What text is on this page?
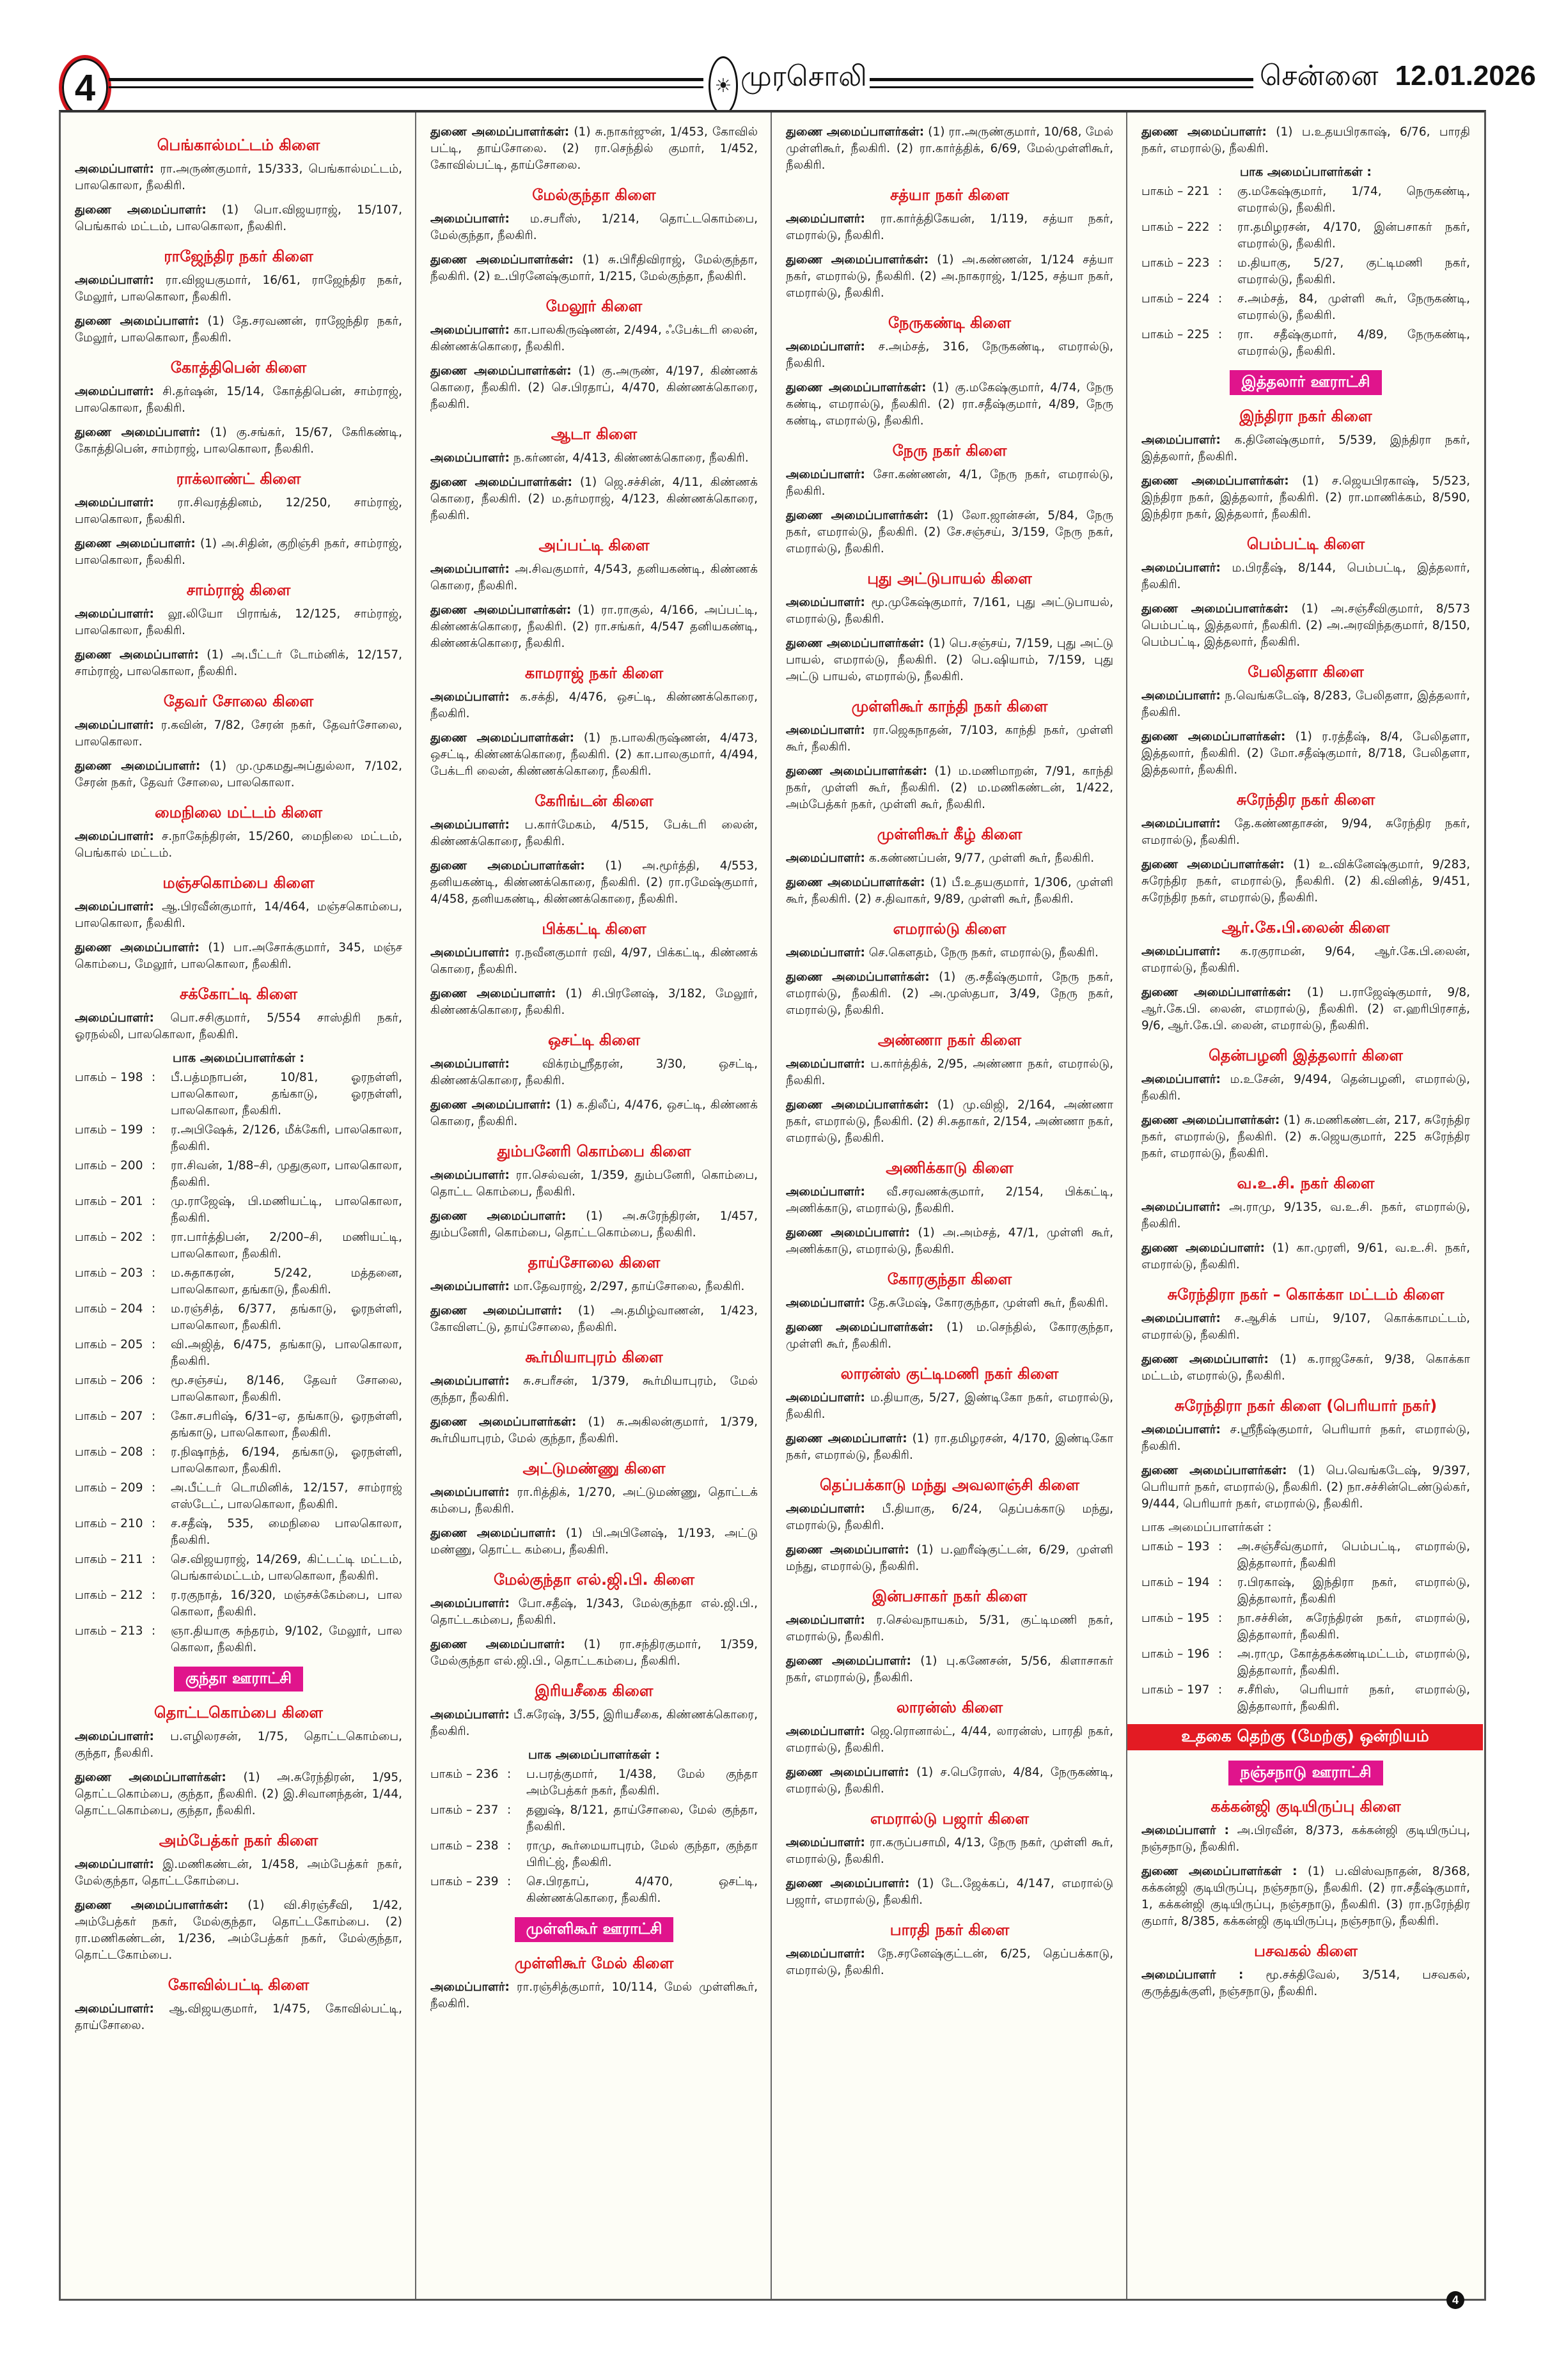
4	☀ முரசொலி	சென்னை 12.01.2026
பெங்கால்மட்டம் கிளை
அமைப்பாளர்: ரா.அருண்குமார், 15/333, பெங்கால்மட்டம், பாலகொலா, நீலகிரி.
துணை அமைப்பாளர்: (1) பொ.விஜயராஜ், 15/107, பெங்கால் மட்டம், பாலகொலா, நீலகிரி.
ராஜேந்திர நகர் கிளை
அமைப்பாளர்: ரா.விஜயகுமார், 16/61, ராஜேந்திர நகர், மேலூர், பாலகொலா, நீலகிரி.
துணை அமைப்பாளர்: (1) தே.சரவணன், ராஜேந்திர நகர், மேலூர், பாலகொலா, நீலகிரி.
கோத்திபென் கிளை
அமைப்பாளர்: சி.தர்ஷன், 15/14, கோத்திபென், சாம்ராஜ், பாலகொலா, நீலகிரி.
துணை அமைப்பாளர்: (1) கு.சங்கர், 15/67, கேரிகண்டி, கோத்திபென், சாம்ராஜ், பாலகொலா, நீலகிரி.
ராக்லாண்ட் கிளை
அமைப்பாளர்: ரா.சிவரத்தினம், 12/250, சாம்ராஜ், பாலகொலா, நீலகிரி.
துணை அமைப்பாளர்: (1) அ.சிதின், குறிஞ்சி நகர், சாம்ராஜ், பாலகொலா, நீலகிரி.
சாம்ராஜ் கிளை
அமைப்பாளர்: லூ.லியோ பிராங்க், 12/125, சாம்ராஜ், பாலகொலா, நீலகிரி.
துணை அமைப்பாளர்: (1) அ.பீட்டர் டோம்னிக், 12/157, சாம்ராஜ், பாலகொலா, நீலகிரி.
தேவர் சோலை கிளை
அமைப்பாளர்: ர.கவின், 7/82, சேரன் நகர், தேவர்சோலை, பாலகொலா.
துணை அமைப்பாளர்: (1) மு.முகமதுஅப்துல்லா, 7/102, சேரன் நகர், தேவர் சோலை, பாலகொலா.
மைநிலை மட்டம் கிளை
அமைப்பாளர்: ச.நாகேந்திரன், 15/260, மைநிலை மட்டம், பெங்கால் மட்டம்.
மஞ்சகொம்பை கிளை
அமைப்பாளர்: ஆ.பிரவீன்குமார், 14/464, மஞ்சகொம்பை, பாலகொலா, நீலகிரி.
துணை அமைப்பாளர்: (1) பா.அசோக்குமார், 345, மஞ்ச கொம்பை, மேலூர், பாலகொலா, நீலகிரி.
சக்கோட்டி கிளை
அமைப்பாளர்: பொ.சசிகுமார், 5/554 சாஸ்திரி நகர், ஓரநல்லி, பாலகொலா, நீலகிரி.
பாக அமைப்பாளர்கள் :
பாகம் – 198 :	பீ.பத்மநாபன், 10/81, ஓரநள்ளி, பாலகொலா, தங்காடு, ஓரநள்ளி, பாலகொலா, நீலகிரி.
பாகம் – 199 :	ர.அபிஷேக், 2/126, மீக்கேரி, பாலகொலா, நீலகிரி.
பாகம் – 200 :	ரா.சிவன், 1/88–சி, முதுகுலா, பாலகொலா, நீலகிரி.
பாகம் – 201 :	மு.ராஜேஷ், பி.மணியட்டி, பாலகொலா, நீலகிரி.
பாகம் – 202 :	ரா.பார்த்திபன், 2/200–சி, மணியட்டி, பாலகொலா, நீலகிரி.
பாகம் – 203 :	ம.சுதாகரன், 5/242, மத்தனை, பாலகொலா, தங்காடு, நீலகிரி.
பாகம் – 204 :	ம.ரஞ்சித், 6/377, தங்காடு, ஓரநள்ளி, பாலகொலா, நீலகிரி.
பாகம் – 205 :	வி.அஜித், 6/475, தங்காடு, பாலகொலா, நீலகிரி.
பாகம் – 206 :	மூ.சஞ்சய், 8/146, தேவர் சோலை, பாலகொலா, நீலகிரி.
பாகம் – 207 :	கோ.சபரிஷ், 6/31–ஏ, தங்காடு, ஓரநள்ளி, தங்காடு, பாலகொலா, நீலகிரி.
பாகம் – 208 :	ர.நிஷாந்த், 6/194, தங்காடு, ஓரநள்ளி, பாலகொலா, நீலகிரி.
பாகம் – 209 :	அ.பீட்டர் டொமினிக், 12/157, சாம்ராஜ் எஸ்டேட், பாலகொலா, நீலகிரி.
பாகம் – 210 :	ச.சதீஷ், 535, மைநிலை பாலகொலா, நீலகிரி.
பாகம் – 211 :	செ.விஜயராஜ், 14/269, கிட்டட்டி மட்டம், பெங்கால்மட்டம், பாலகொலா, நீலகிரி.
பாகம் – 212 :	ர.ரகுநாத், 16/320, மஞ்சக்கேம்பை, பால கொலா, நீலகிரி.
பாகம் – 213 :	ஞா.தியாகு சுந்தரம், 9/102, மேலூர், பால கொலா, நீலகிரி.
குந்தா ஊராட்சி
தொட்டகொம்பை கிளை
அமைப்பாளர்: ப.எழிலரசன், 1/75, தொட்டகொம்பை, குந்தா, நீலகிரி.
துணை அமைப்பாளர்கள்: (1) அ.சுரேந்திரன், 1/95, தொட்டகொம்பை, குந்தா, நீலகிரி. (2) இ.சிவானந்தன், 1/44, தொட்டகொம்பை, குந்தா, நீலகிரி.
அம்பேத்கர் நகர் கிளை
அமைப்பாளர்: இ.மணிகண்டன், 1/458, அம்பேத்கர் நகர், மேல்குந்தா, தொட்டகோம்பை.
துணை அமைப்பாளர்கள்: (1) வி.சிரஞ்சீவி, 1/42, அம்பேத்கர் நகர், மேல்குந்தா, தொட்டகோம்பை. (2) ரா.மணிகண்டன், 1/236, அம்பேத்கர் நகர், மேல்குந்தா, தொட்டகோம்பை.
கோவில்பட்டி கிளை
அமைப்பாளர்: ஆ.விஜயகுமார், 1/475, கோவில்பட்டி, தாய்சோலை.
துணை அமைப்பாளர்கள்: (1) சு.நாகர்ஜுன், 1/453, கோவில் பட்டி, தாய்சோலை. (2) ரா.செந்தில் குமார், 1/452, கோவில்பட்டி, தாய்சோலை.
மேல்குந்தா கிளை
அமைப்பாளர்: ம.சபரீஸ், 1/214, தொட்டகொம்பை, மேல்குந்தா, நீலகிரி.
துணை அமைப்பாளர்கள்: (1) சு.பிரீதிவிராஜ், மேல்குந்தா, நீலகிரி. (2) உ.பிரனேஷ்குமார், 1/215, மேல்குந்தா, நீலகிரி.
மேலூர் கிளை
அமைப்பாளர்: கா.பாலகிருஷ்ணன், 2/494, ஃபேக்டரி லைன், கிண்ணக்கொரை, நீலகிரி.
துணை அமைப்பாளர்கள்: (1) கு.அருண், 4/197, கிண்ணக் கொரை, நீலகிரி. (2) செ.பிரதாப், 4/470, கிண்ணக்கொரை, நீலகிரி.
ஆடா கிளை
அமைப்பாளர்: ந.கர்ணன், 4/413, கிண்ணக்கொரை, நீலகிரி.
துணை அமைப்பாளர்கள்: (1) ஜெ.சச்சின், 4/11, கிண்ணக் கொரை, நீலகிரி. (2) ம.தர்மராஜ், 4/123, கிண்ணக்கொரை, நீலகிரி.
அப்பட்டி கிளை
அமைப்பாளர்: அ.சிவகுமார், 4/543, தனியகண்டி, கிண்ணக் கொரை, நீலகிரி.
துணை அமைப்பாளர்கள்: (1) ரா.ராகுல், 4/166, அப்பட்டி, கிண்ணக்கொரை, நீலகிரி. (2) ரா.சங்கர், 4/547 தனியகண்டி, கிண்ணக்கொரை, நீலகிரி.
காமராஜ் நகர் கிளை
அமைப்பாளர்: க.சக்தி, 4/476, ஒசட்டி, கிண்ணக்கொரை, நீலகிரி.
துணை அமைப்பாளர்கள்: (1) ந.பாலகிருஷ்ணன், 4/473, ஒசட்டி, கிண்ணக்கொரை, நீலகிரி. (2) கா.பாலகுமார், 4/494, பேக்டரி லைன், கிண்ணக்கொரை, நீலகிரி.
கேரிங்டன் கிளை
அமைப்பாளர்: ப.கார்மேகம், 4/515, பேக்டரி லைன், கிண்ணக்கொரை, நீலகிரி.
துணை அமைப்பாளர்கள்: (1) அ.மூர்த்தி, 4/553, தனியகண்டி, கிண்ணக்கொரை, நீலகிரி. (2) ரா.ரமேஷ்குமார், 4/458, தனியகண்டி, கிண்ணக்கொரை, நீலகிரி.
பிக்கட்டி கிளை
அமைப்பாளர்: ர.நவீனகுமார் ரவி, 4/97, பிக்கட்டி, கிண்ணக் கொரை, நீலகிரி.
துணை அமைப்பாளர்: (1) சி.பிரனேஷ், 3/182, மேலூர், கிண்ணக்கொரை, நீலகிரி.
ஒசட்டி கிளை
அமைப்பாளர்:	விக்ரம்ஸ்ரீதரன், 3/30, ஒசட்டி, கிண்ணக்கொரை, நீலகிரி.
துணை அமைப்பாளர்: (1) க.திலீப், 4/476, ஒசட்டி, கிண்ணக் கொரை, நீலகிரி.
தும்பனேரி கொம்பை கிளை
அமைப்பாளர்: ரா.செல்வன், 1/359, தும்பனேரி, கொம்பை, தொட்ட கொம்பை, நீலகிரி.
துணை அமைப்பாளர்: (1) அ.சுரேந்திரன், 1/457, தும்பனேரி, கொம்பை, தொட்டகொம்பை, நீலகிரி.
தாய்சோலை கிளை
அமைப்பாளர்: மா.தேவராஜ், 2/297, தாய்சோலை, நீலகிரி.
துணை அமைப்பாளர்: (1) அ.தமிழ்வாணன், 1/423, கோவிளட்டு, தாய்சோலை, நீலகிரி.
கூர்மியாபுரம் கிளை
அமைப்பாளர்: சு.சபரீசன், 1/379, கூர்மியாபுரம், மேல் குந்தா, நீலகிரி.
துணை அமைப்பாளர்கள்: (1) சு.அகிலன்குமார், 1/379, கூர்மியாபுரம், மேல் குந்தா, நீலகிரி.
அட்டுமண்ணு கிளை
அமைப்பாளர்: ரா.ரித்திக், 1/270, அட்டுமண்ணு, தொட்டக் கம்பை, நீலகிரி.
துணை அமைப்பாளர்: (1) பி.அபினேஷ், 1/193, அட்டு மண்ணு, தொட்ட கம்பை, நீலகிரி.
மேல்குந்தா எல்.ஜி.பி. கிளை
அமைப்பாளர்: போ.சதீஷ், 1/343, மேல்குந்தா எல்.ஜி.பி., தொட்டகம்பை, நீலகிரி.
துணை அமைப்பாளர்: (1) ரா.சந்திரகுமார், 1/359, மேல்குந்தா எல்.ஜி.பி., தொட்டகம்பை, நீலகிரி.
இரியசீகை கிளை
அமைப்பாளர்: பீ.சுரேஷ், 3/55, இரியசீகை, கிண்ணக்கொரை, நீலகிரி.
பாக அமைப்பாளர்கள் :
பாகம் – 236 :	ப.பரத்குமார், 1/438, மேல் குந்தா அம்பேத்கர் நகர், நீலகிரி.
பாகம் – 237 :	தனுஷ், 8/121, தாய்சோலை, மேல் குந்தா, நீலகிரி.
பாகம் – 238 :	ராமு, கூர்மையாபுரம், மேல் குந்தா, குந்தா பிரிட்ஜ், நீலகிரி.
பாகம் – 239 :	செ.பிரதாப், 4/470, ஒசட்டி, கிண்ணக்கொரை, நீலகிரி.
முள்ளிகூர் ஊராட்சி
முள்ளிகூர் மேல் கிளை
அமைப்பாளர்: ரா.ரஞ்சித்குமார், 10/114, மேல் முள்ளிகூர், நீலகிரி.
துணை அமைப்பாளர்கள்: (1) ரா.அருண்குமார், 10/68, மேல் முள்ளிகூர், நீலகிரி. (2) ரா.கார்த்திக், 6/69, மேல்முள்ளிகூர், நீலகிரி.
சத்யா நகர் கிளை
அமைப்பாளர்: ரா.கார்த்திகேயன், 1/119, சத்யா நகர், எமரால்டு, நீலகிரி.
துணை அமைப்பாளர்கள்: (1) அ.கண்ணன், 1/124 சத்யா நகர், எமரால்டு, நீலகிரி. (2) அ.நாகராஜ், 1/125, சத்யா நகர், எமரால்டு, நீலகிரி.
நேருகண்டி கிளை
அமைப்பாளர்: ச.அம்சத், 316, நேருகண்டி, எமரால்டு, நீலகிரி.
துணை அமைப்பாளர்கள்: (1) கு.மகேஷ்குமார், 4/74, நேரு கண்டி, எமரால்டு, நீலகிரி. (2) ரா.சதீஷ்குமார், 4/89, நேரு கண்டி, எமரால்டு, நீலகிரி.
நேரு நகர் கிளை
அமைப்பாளர்: சோ.கண்ணன், 4/1, நேரு நகர், எமரால்டு, நீலகிரி.
துணை அமைப்பாளர்கள்: (1) லோ.ஜான்சன், 5/84, நேரு நகர், எமரால்டு, நீலகிரி. (2) சே.சஞ்சய், 3/159, நேரு நகர், எமரால்டு, நீலகிரி.
புது அட்டுபாயல் கிளை
அமைப்பாளர்: மூ.முகேஷ்குமார், 7/161, புது அட்டுபாயல், எமரால்டு, நீலகிரி.
துணை அமைப்பாளர்கள்: (1) பெ.சஞ்சய், 7/159, புது அட்டு பாயல், எமரால்டு, நீலகிரி. (2) பெ.ஷியாம், 7/159, புது அட்டு பாயல், எமரால்டு, நீலகிரி.
முள்ளிகூர் காந்தி நகர் கிளை
அமைப்பாளர்: ரா.ஜெகநாதன், 7/103, காந்தி நகர், முள்ளி கூர், நீலகிரி.
துணை அமைப்பாளர்கள்: (1) ம.மணிமாறன், 7/91, காந்தி நகர், முள்ளி கூர், நீலகிரி. (2) ம.மணிகண்டன், 1/422, அம்பேத்கர் நகர், முள்ளி கூர், நீலகிரி.
முள்ளிகூர் கீழ் கிளை
அமைப்பாளர்: க.கண்ணப்பன், 9/77, முள்ளி கூர், நீலகிரி.
துணை அமைப்பாளர்கள்: (1) பீ.உதயகுமார், 1/306, முள்ளி கூர், நீலகிரி. (2) ச.திவாகர், 9/89, முள்ளி கூர், நீலகிரி.
எமரால்டு கிளை
அமைப்பாளர்: செ.கௌதம், நேரு நகர், எமரால்டு, நீலகிரி.
துணை அமைப்பாளர்கள்: (1) கு.சதீஷ்குமார், நேரு நகர், எமரால்டு, நீலகிரி. (2) அ.முஸ்தபா, 3/49, நேரு நகர், எமரால்டு, நீலகிரி.
அண்ணா நகர் கிளை
அமைப்பாளர்: ப.கார்த்திக், 2/95, அண்ணா நகர், எமரால்டு, நீலகிரி.
துணை அமைப்பாளர்கள்: (1) மு.விஜி, 2/164, அண்ணா நகர், எமரால்டு, நீலகிரி. (2) சி.சுதாகர், 2/154, அண்ணா நகர், எமரால்டு, நீலகிரி.
அணிக்காடு கிளை
அமைப்பாளர்: வீ.சரவணக்குமார், 2/154, பிக்கட்டி, அணிக்காடு, எமரால்டு, நீலகிரி.
துணை அமைப்பாளர்: (1) அ.அம்சத், 47/1, முள்ளி கூர், அணிக்காடு, எமரால்டு, நீலகிரி.
கோரகுந்தா கிளை
அமைப்பாளர்: தே.சுமேஷ், கோரகுந்தா, முள்ளி கூர், நீலகிரி.
துணை அமைப்பாளர்கள்: (1) ம.செந்தில், கோரகுந்தா, முள்ளி கூர், நீலகிரி.
லாரன்ஸ் குட்டிமணி நகர் கிளை
அமைப்பாளர்: ம.தியாகு, 5/27, இண்டிகோ நகர், எமரால்டு, நீலகிரி.
துணை அமைப்பாளர்: (1) ரா.தமிழரசன், 4/170, இண்டிகோ நகர், எமரால்டு, நீலகிரி.
தெப்பக்காடு மந்து அவலாஞ்சி கிளை
அமைப்பாளர்: பீ.தியாகு, 6/24, தெப்பக்காடு மந்து, எமரால்டு, நீலகிரி.
துணை அமைப்பாளர்: (1) ப.ஹரீஷ்குட்டன், 6/29, முள்ளி மந்து, எமரால்டு, நீலகிரி.
இன்பசாகர் நகர் கிளை
அமைப்பாளர்: ர.செல்வநாயகம், 5/31, குட்டிமணி நகர், எமரால்டு, நீலகிரி.
துணை அமைப்பாளர்: (1) பு.கணேசன், 5/56, கிளாசாகர் நகர், எமரால்டு, நீலகிரி.
லாரன்ஸ் கிளை
அமைப்பாளர்: ஜெ.ரொனால்ட், 4/44, லாரன்ஸ், பாரதி நகர், எமரால்டு, நீலகிரி.
துணை அமைப்பாளர்: (1) ச.பெரோஸ், 4/84, நேருகண்டி, எமரால்டு, நீலகிரி.
எமரால்டு பஜார் கிளை
அமைப்பாளர்: ரா.கருப்பசாமி, 4/13, நேரு நகர், முள்ளி கூர், எமரால்டு, நீலகிரி.
துணை அமைப்பாளர்: (1) டே.ஜேக்கப், 4/147, எமரால்டு பஜார், எமரால்டு, நீலகிரி.
பாரதி நகர் கிளை
அமைப்பாளர்: நே.சரனேஷ்குட்டன், 6/25, தெப்பக்காடு, எமரால்டு, நீலகிரி.
துணை அமைப்பாளர்: (1) ப.உதயபிரகாஷ், 6/76, பாரதி நகர், எமரால்டு, நீலகிரி.
பாக அமைப்பாளர்கள் :
பாகம் – 221 :	கு.மகேஷ்குமார், 1/74, நெருகண்டி, எமரால்டு, நீலகிரி.
பாகம் – 222 :	ரா.தமிழரசன், 4/170, இன்பசாகர் நகர், எமரால்டு, நீலகிரி.
பாகம் – 223 :	ம.தியாகு, 5/27, குட்டிமணி நகர், எமரால்டு, நீலகிரி.
பாகம் – 224 :	ச.அம்சத், 84, முள்ளி கூர், நேருகண்டி, எமரால்டு, நீலகிரி.
பாகம் – 225 :	ரா. சதீஷ்குமார், 4/89, நேருகண்டி, எமரால்டு, நீலகிரி.
இத்தலார் ஊராட்சி
இந்திரா நகர் கிளை
அமைப்பாளர்: க.தினேஷ்குமார், 5/539, இந்திரா நகர், இத்தலார், நீலகிரி.
துணை அமைப்பாளர்கள்: (1) ச.ஜெயபிரகாஷ், 5/523, இந்திரா நகர், இத்தலார், நீலகிரி. (2) ரா.மாணிக்கம், 8/590, இந்திரா நகர், இத்தலார், நீலகிரி.
பெம்பட்டி கிளை
அமைப்பாளர்: ம.பிரதீஷ், 8/144, பெம்பட்டி, இத்தலார், நீலகிரி.
துணை அமைப்பாளர்கள்: (1) அ.சஞ்சீவிகுமார், 8/573 பெம்பட்டி, இத்தலார், நீலகிரி. (2) அ.அரவிந்தகுமார், 8/150, பெம்பட்டி, இத்தலார், நீலகிரி.
பேலிதளா கிளை
அமைப்பாளர்: ந.வெங்கடேஷ், 8/283, பேலிதளா, இத்தலார், நீலகிரி.
துணை அமைப்பாளர்கள்: (1) ர.ரத்தீஷ், 8/4, பேலிதளா, இத்தலார், நீலகிரி. (2) மோ.சதீஷ்குமார், 8/718, பேலிதளா, இத்தலார், நீலகிரி.
சுரேந்திர நகர் கிளை
அமைப்பாளர்: தே.கண்ணதாசன், 9/94, சுரேந்திர நகர், எமரால்டு, நீலகிரி.
துணை அமைப்பாளர்கள்: (1) உ.விக்னேஷ்குமார், 9/283, சுரேந்திர நகர், எமரால்டு, நீலகிரி. (2) கி.வினித், 9/451, சுரேந்திர நகர், எமரால்டு, நீலகிரி.
ஆர்.கே.பி.லைன் கிளை
அமைப்பாளர்: க.ரகுராமன், 9/64, ஆர்.கே.பி.லைன், எமரால்டு, நீலகிரி.
துணை அமைப்பாளர்கள்: (1) ப.ராஜேஷ்குமார், 9/8, ஆர்.கே.பி. லைன், எமரால்டு, நீலகிரி. (2) எ.ஹரிபிரசாத், 9/6, ஆர்.கே.பி. லைன், எமரால்டு, நீலகிரி.
தென்பழனி இத்தலார் கிளை
அமைப்பாளர்: ம.உசேன், 9/494, தென்பழனி, எமரால்டு, நீலகிரி.
துணை அமைப்பாளர்கள்: (1) சு.மணிகண்டன், 217, சுரேந்திர நகர், எமரால்டு, நீலகிரி. (2) சு.ஜெயகுமார், 225 சுரேந்திர நகர், எமரால்டு, நீலகிரி.
வ.உ.சி. நகர் கிளை
அமைப்பாளர்: அ.ராமு, 9/135, வ.உ.சி. நகர், எமரால்டு, நீலகிரி.
துணை அமைப்பாளர்: (1) கா.முரளி, 9/61, வ.உ.சி. நகர், எமரால்டு, நீலகிரி.
சுரேந்திரா நகர் – கொக்கா மட்டம் கிளை
அமைப்பாளர்: ச.ஆசிக் பாய், 9/107, கொக்காமட்டம், எமரால்டு, நீலகிரி.
துணை அமைப்பாளர்: (1) க.ராஜசேகர், 9/38, கொக்கா மட்டம், எமரால்டு, நீலகிரி.
சுரேந்திரா நகர் கிளை (பெரியார் நகர்)
அமைப்பாளர்: ச.ஸ்ரீநீஷ்குமார், பெரியார் நகர், எமரால்டு, நீலகிரி.
துணை அமைப்பாளர்கள்: (1) பெ.வெங்கடேஷ், 9/397, பெரியார் நகர், எமரால்டு, நீலகிரி. (2) நா.சச்சின்டெண்டுல்கர், 9/444, பெரியார் நகர், எமரால்டு, நீலகிரி.
பாக அமைப்பாளர்கள் :
பாகம் – 193 :	அ.சஞ்சீவ்குமார், பெம்பட்டி, எமரால்டு, இத்தாலார், நீலகிரி
பாகம் – 194 :	ர.பிரகாஷ், இந்திரா நகர், எமரால்டு, இத்தாலார், நீலகிரி
பாகம் – 195 :	நா.சச்சின், சுரேந்திரன் நகர், எமரால்டு, இத்தாலார், நீலகிரி.
பாகம் – 196 :	அ.ராமு, கோத்தக்கண்டிமட்டம், எமரால்டு, இத்தாலார், நீலகிரி.
பாகம் – 197 :	ச.சீரிஸ், பெரியார் நகர், எமரால்டு, இத்தாலார், நீலகிரி.
உதகை தெற்கு (மேற்கு) ஒன்றியம்
நஞ்சநாடு ஊராட்சி
கக்கன்ஜி குடியிருப்பு கிளை
அமைப்பாளர் : அ.பிரவீன், 8/373, கக்கன்ஜி குடியிருப்பு, நஞ்சநாடு, நீலகிரி.
துணை அமைப்பாளர்கள் : (1) ப.விஸ்வநாதன், 8/368, கக்கன்ஜி குடியிருப்பு, நஞ்சநாடு, நீலகிரி. (2) ரா.சதீஷ்குமார், 1, கக்கன்ஜி குடியிருப்பு, நஞ்சநாடு, நீலகிரி. (3) ரா.நரேந்திர குமார், 8/385, கக்கன்ஜி குடியிருப்பு, நஞ்சநாடு, நீலகிரி.
பசவகல் கிளை
அமைப்பாளர் : மூ.சக்திவேல், 3/514, பசவகல், குருத்துக்குளி, நஞ்சநாடு, நீலகிரி.
4
